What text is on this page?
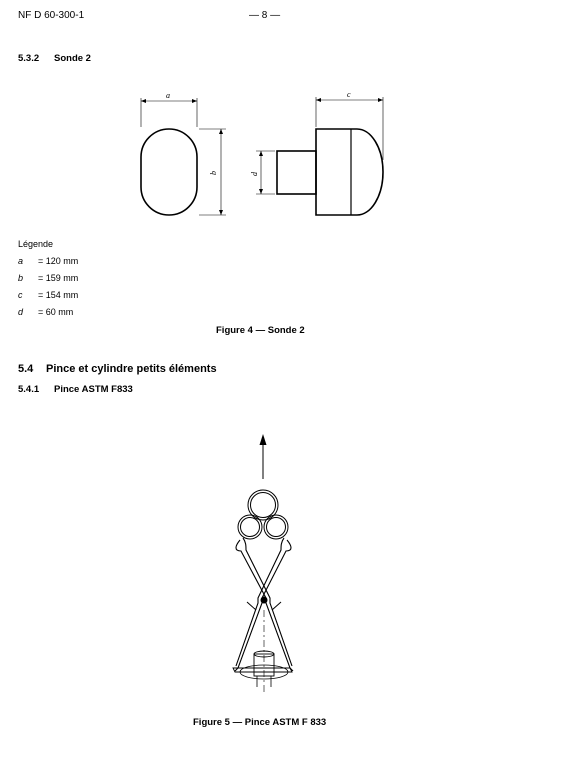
NF D 60-300-1	— 8 —
5.3.2 Sonde 2
a
b
c
d
Légende
a = 120 mm
b = 159 mm
c = 154 mm
d = 60 mm
Figure 4 — Sonde 2
5.4 Pince et cylindre petits éléments
5.4.1 Pince ASTM F833
Figure 5 — Pince ASTM F 833
